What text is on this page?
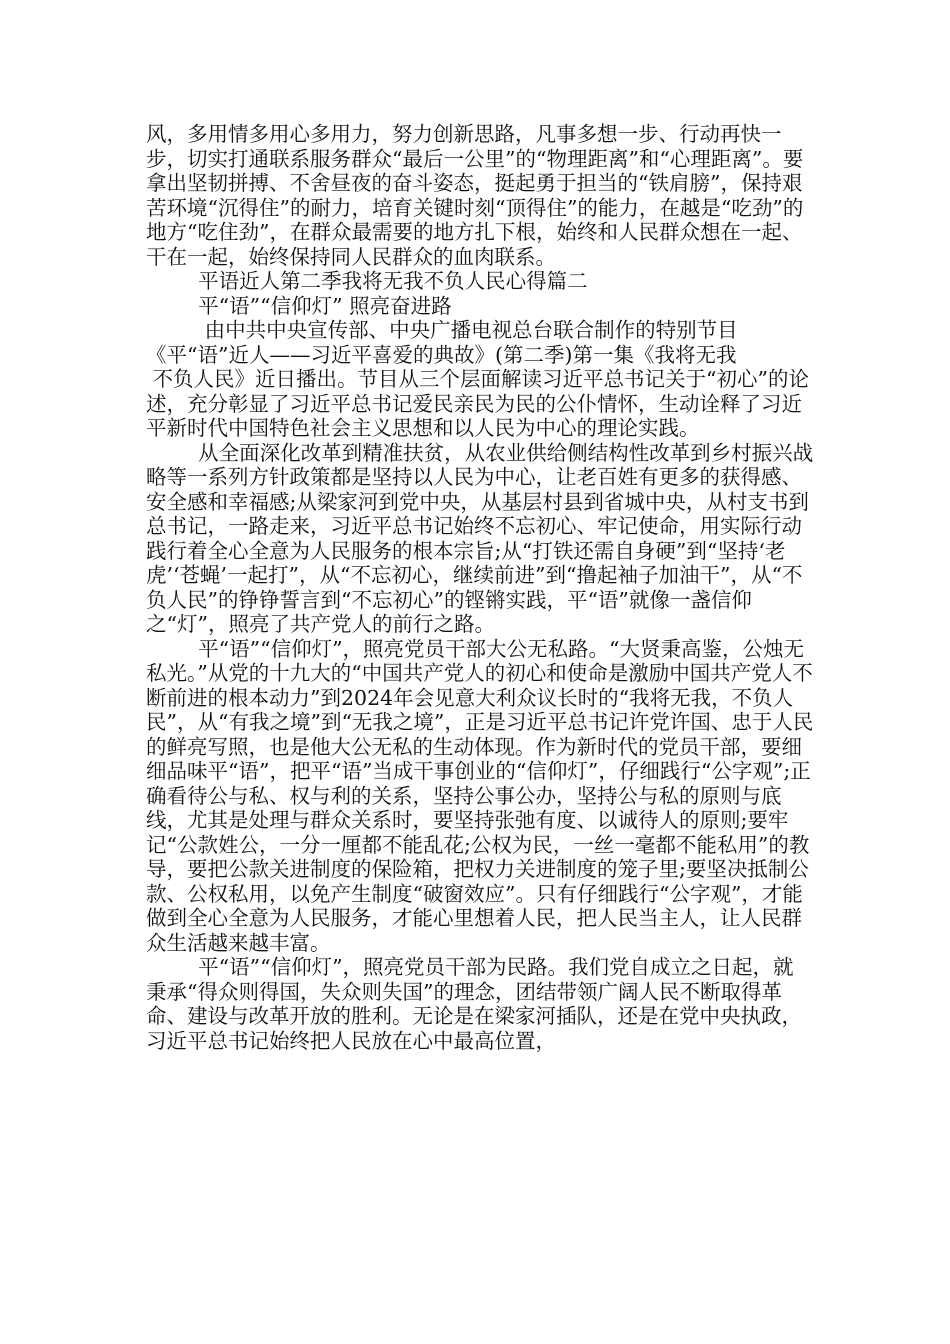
风，多用情多用心多用力，努力创新思路，凡事多想一步、行动再快一步，切实打通联系服务群众“最后一公里”的“物理距离”和“心理距离”。要拿出坚韧拼搏、不舍昼夜的奋斗姿态，挺起勇于担当的“铁肩膀”，保持艰苦环境“沉得住”的耐力，培育关键时刻“顶得住”的能力，在越是“吃劲”的地方“吃住劲”，在群众最需要的地方扎下根，始终和人民群众想在一起、干在一起，始终保持同人民群众的血肉联系。

平语近人第二季我将无我不负人民心得篇二

平“语”“信仰灯” 照亮奋进路

由中共中央宣传部、中央广播电视总台联合制作的特别节目《平“语”近人——习近平喜爱的典故》(第二季)第一集《我将无我
不负人民》近日播出。节目从三个层面解读习近平总书记关于“初心”的论述，充分彰显了习近平总书记爱民亲民为民的公仆情怀，生动诠释了习近平新时代中国特色社会主义思想和以人民为中心的理论实践。

从全面深化改革到精准扶贫，从农业供给侧结构性改革到乡村振兴战略等一系列方针政策都是坚持以人民为中心，让老百姓有更多的获得感、安全感和幸福感;从梁家河到党中央，从基层村县到省城中央，从村支书到总书记，一路走来，习近平总书记始终不忘初心、牢记使命，用实际行动践行着全心全意为人民服务的根本宗旨;从“打铁还需自身硬”到“坚持‘老虎’‘苍蝇’一起打”，从“不忘初心，继续前进”到“撸起袖子加油干”，从“不负人民”的铮铮誓言到“不忘初心”的铿锵实践，平“语”就像一盏信仰之“灯”，照亮了共产党人的前行之路。

平“语”“信仰灯”，照亮党员干部大公无私路。“大贤秉高鉴，公烛无私光。”从党的十九大的“中国共产党人的初心和使命是激励中国共产党人不断前进的根本动力”到2024年会见意大利众议长时的“我将无我，不负人民”，从“有我之境”到“无我之境”，正是习近平总书记许党许国、忠于人民的鲜亮写照，也是他大公无私的生动体现。作为新时代的党员干部，要细细品味平“语”，把平“语”当成干事创业的“信仰灯”，仔细践行“公字观”;正确看待公与私、权与利的关系，坚持公事公办，坚持公与私的原则与底线，尤其是处理与群众关系时，要坚持张弛有度、以诚待人的原则;要牢记“公款姓公，一分一厘都不能乱花;公权为民，一丝一毫都不能私用”的教导，要把公款关进制度的保险箱，把权力关进制度的笼子里;要坚决抵制公款、公权私用，以免产生制度“破窗效应”。只有仔细践行“公字观”，才能做到全心全意为人民服务，才能心里想着人民，把人民当主人，让人民群众生活越来越丰富。

平“语”“信仰灯”，照亮党员干部为民路。我们党自成立之日起，就秉承“得众则得国，失众则失国”的理念，团结带领广阔人民不断取得革命、建设与改革开放的胜利。无论是在梁家河插队，还是在党中央执政，习近平总书记始终把人民放在心中最高位置，
